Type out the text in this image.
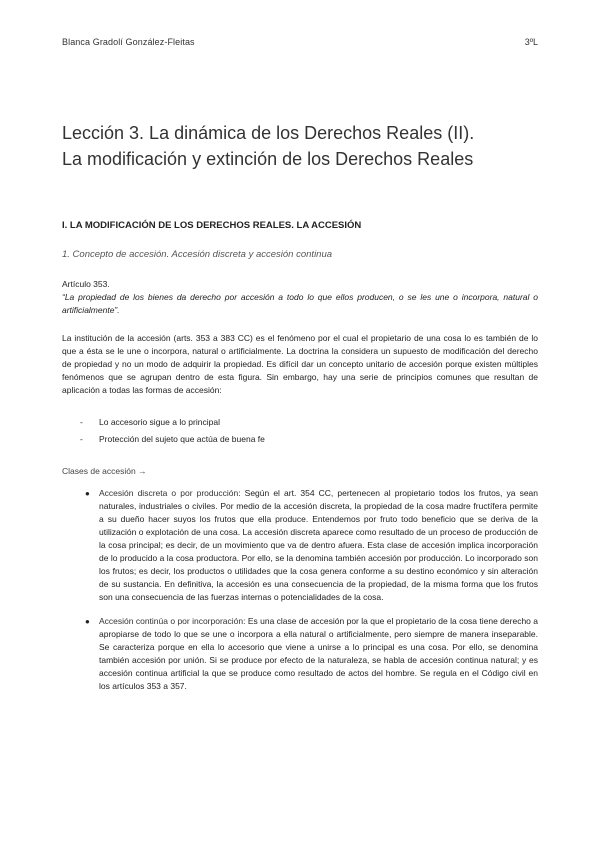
Blanca Gradolí González-Fleitas	3ºL
Lección 3. La dinámica de los Derechos Reales (II).
La modificación y extinción de los Derechos Reales
I. LA MODIFICACIÓN DE LOS DERECHOS REALES. LA ACCESIÓN
1. Concepto de accesión. Accesión discreta y accesión continua
Artículo 353.
“La propiedad de los bienes da derecho por accesión a todo lo que ellos producen, o se les une o incorpora, natural o artificialmente”.
La institución de la accesión (arts. 353 a 383 CC) es el fenómeno por el cual el propietario de una cosa lo es también de lo que a ésta se le une o incorpora, natural o artificialmente. La doctrina la considera un supuesto de modificación del derecho de propiedad y no un modo de adquirir la propiedad. Es difícil dar un concepto unitario de accesión porque existen múltiples fenómenos que se agrupan dentro de esta figura. Sin embargo, hay una serie de principios comunes que resultan de aplicación a todas las formas de accesión:
- Lo accesorio sigue a lo principal
- Protección del sujeto que actúa de buena fe
Clases de accesión →
● Accesión discreta o por producción: Según el art. 354 CC, pertenecen al propietario todos los frutos, ya sean naturales, industriales o civiles. Por medio de la accesión discreta, la propiedad de la cosa madre fructífera permite a su dueño hacer suyos los frutos que ella produce. Entendemos por fruto todo beneficio que se deriva de la utilización o explotación de una cosa. La accesión discreta aparece como resultado de un proceso de producción de la cosa principal; es decir, de un movimiento que va de dentro afuera. Esta clase de accesión implica incorporación de lo producido a la cosa productora. Por ello, se la denomina también accesión por producción. Lo incorporado son los frutos; es decir, los productos o utilidades que la cosa genera conforme a su destino económico y sin alteración de su sustancia. En definitiva, la accesión es una consecuencia de la propiedad, de la misma forma que los frutos son una consecuencia de las fuerzas internas o potencialidades de la cosa.
● Accesión continúa o por incorporación: Es una clase de accesión por la que el propietario de la cosa tiene derecho a apropiarse de todo lo que se une o incorpora a ella natural o artificialmente, pero siempre de manera inseparable. Se caracteriza porque en ella lo accesorio que viene a unirse a lo principal es una cosa. Por ello, se denomina también accesión por unión. Si se produce por efecto de la naturaleza, se habla de accesión continua natural; y es accesión continua artificial la que se produce como resultado de actos del hombre. Se regula en el Código civil en los artículos 353 a 357.
